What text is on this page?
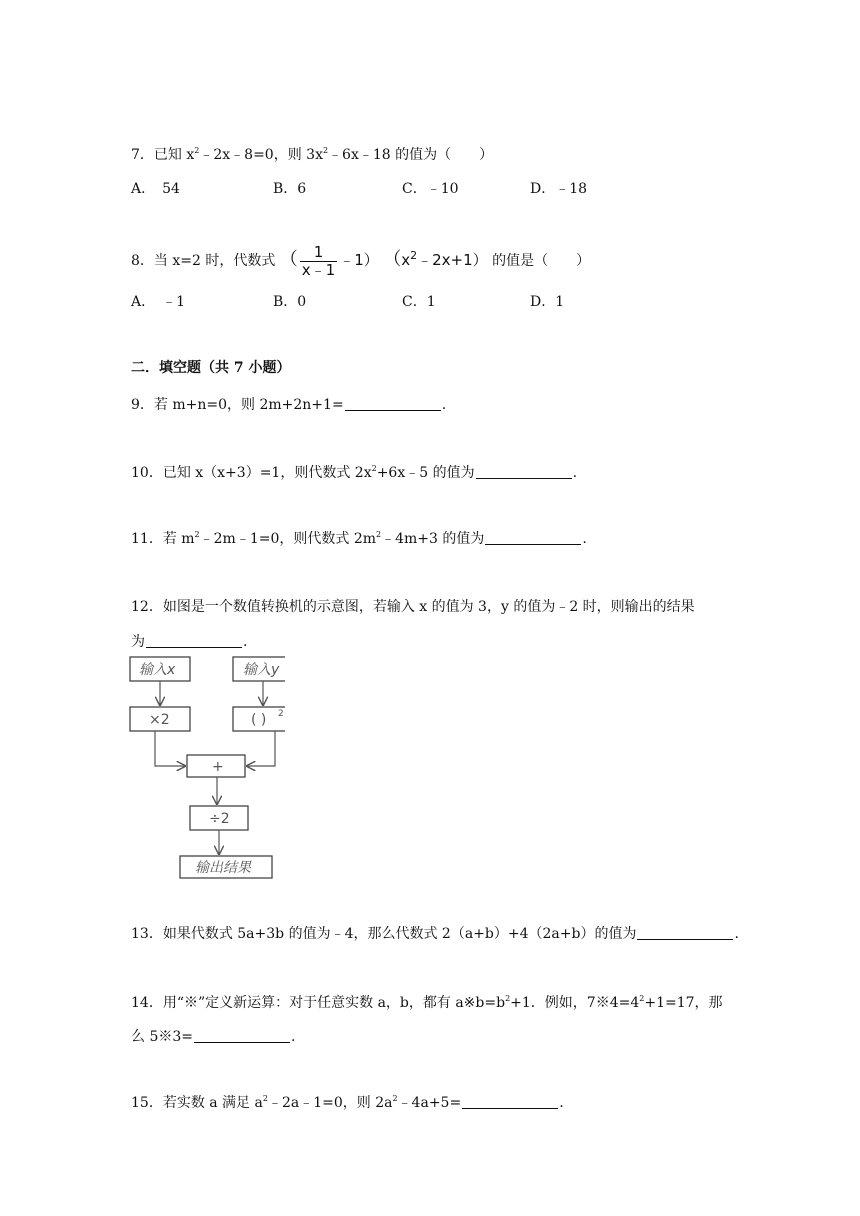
7．已知 $x^2﹣2x﹣8=0$，则 $3x^2﹣6x﹣18$ 的值为（　　）
A．　54	B．6	C．﹣10	D．﹣18
8．当 x=2 时，代数式 （ $\frac{1}{x﹣1}$ ﹣1） $(x^2﹣2x+1)$ 的值是（　　）
A．　﹣1	B．0	C．1	D．1
二．填空题（共 7 小题）
9．若 m+n=0，则 2m+2n+1=	.
10．已知 x（x+3）=1，则代数式 $2x^2+6x﹣5$ 的值为	.
11．若 $m^2﹣2m﹣1=0$，则代数式 $2m^2﹣4m+3$ 的值为	.
12．如图是一个数值转换机的示意图，若输入 x 的值为 3，y 的值为﹣2 时，则输出的结果
为	.
输入x	输入y
×2	( ) 2
+
÷2
输出结果
13．如果代数式 5a+3b 的值为﹣4，那么代数式 2（a+b）+4（2a+b）的值为	.
14．用“※”定义新运算：对于任意实数 a，b，都有 $a※b=b^2+1$．例如，$7※4=4^2+1=17$，那
么 5※3=	.
15．若实数 a 满足 $a^2﹣2a﹣1=0$，则 $2a^2﹣4a+5=$	.
